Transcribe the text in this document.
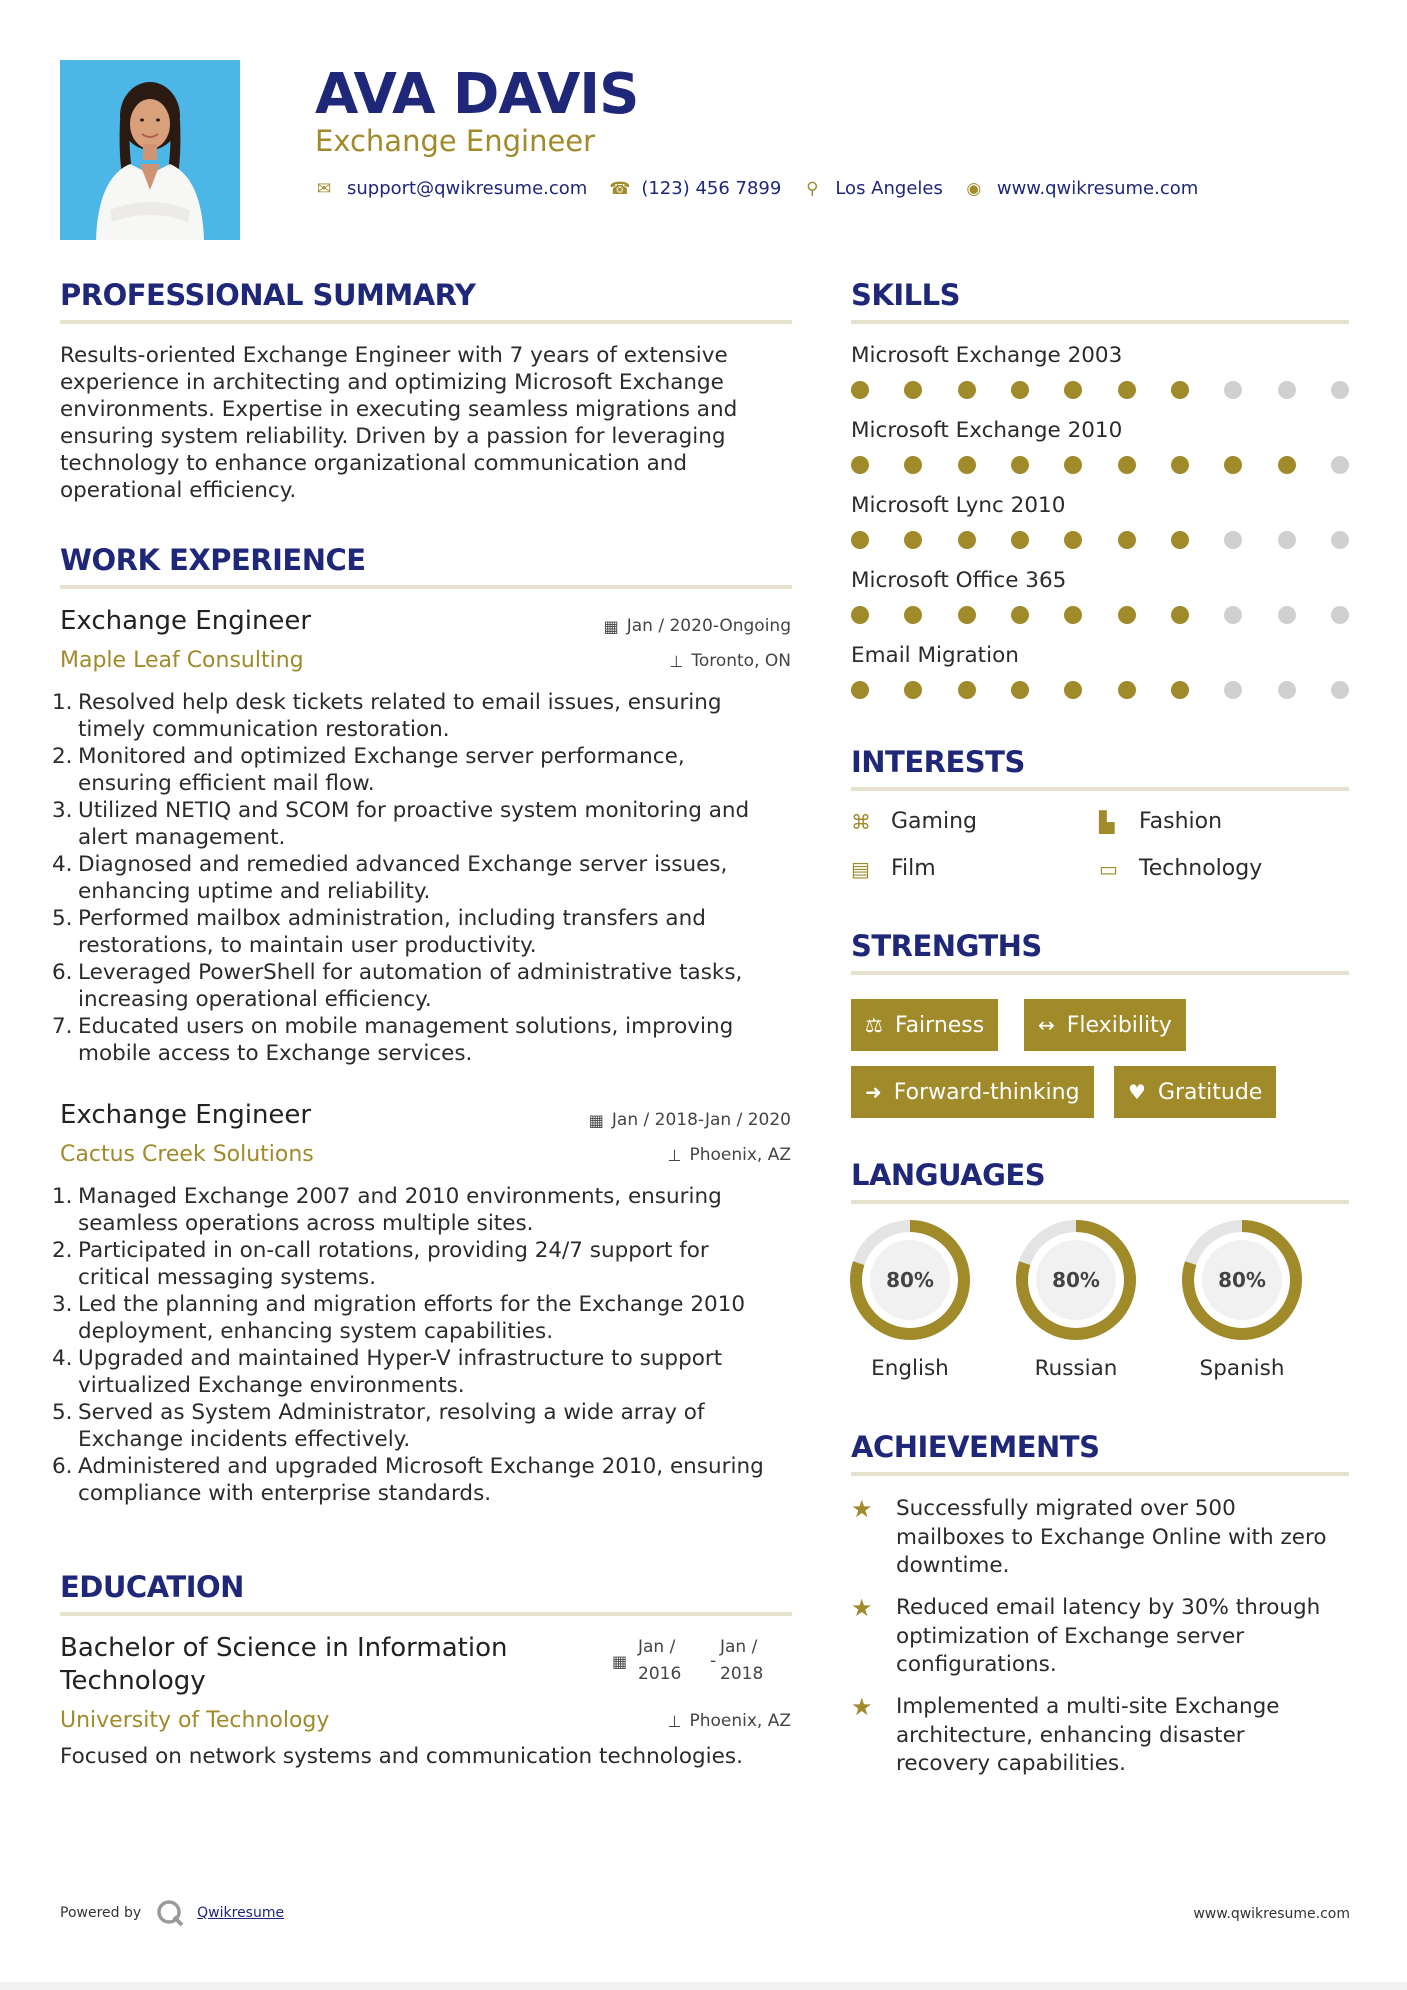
AVA DAVIS
Exchange Engineer
✉ support@qwikresume.com ☎ (123) 456 7899 ⚲ Los Angeles ◉ www.qwikresume.com
PROFESSIONAL SUMMARY
Results-oriented Exchange Engineer with 7 years of extensive
experience in architecting and optimizing Microsoft Exchange
environments. Expertise in executing seamless migrations and
ensuring system reliability. Driven by a passion for leveraging
technology to enhance organizational communication and
operational efficiency.
WORK EXPERIENCE
Exchange Engineer	▦ Jan / 2020-Ongoing
Maple Leaf Consulting	⊥ Toronto, ON
1. Resolved help desk tickets related to email issues, ensuring
timely communication restoration.
2. Monitored and optimized Exchange server performance,
ensuring efficient mail flow.
3. Utilized NETIQ and SCOM for proactive system monitoring and
alert management.
4. Diagnosed and remedied advanced Exchange server issues,
enhancing uptime and reliability.
5. Performed mailbox administration, including transfers and
restorations, to maintain user productivity.
6. Leveraged PowerShell for automation of administrative tasks,
increasing operational efficiency.
7. Educated users on mobile management solutions, improving
mobile access to Exchange services.
Exchange Engineer	▦ Jan / 2018-Jan / 2020
Cactus Creek Solutions	⊥ Phoenix, AZ
1. Managed Exchange 2007 and 2010 environments, ensuring
seamless operations across multiple sites.
2. Participated in on-call rotations, providing 24/7 support for
critical messaging systems.
3. Led the planning and migration efforts for the Exchange 2010
deployment, enhancing system capabilities.
4. Upgraded and maintained Hyper-V infrastructure to support
virtualized Exchange environments.
5. Served as System Administrator, resolving a wide array of
Exchange incidents effectively.
6. Administered and upgraded Microsoft Exchange 2010, ensuring
compliance with enterprise standards.
EDUCATION
Bachelor of Science in Information
Technology
▦
Jan /
2016
-
Jan /
2018
University of Technology	⊥ Phoenix, AZ
Focused on network systems and communication technologies.
SKILLS
Microsoft Exchange 2003
Microsoft Exchange 2010
Microsoft Lync 2010
Microsoft Office 365
Email Migration
INTERESTS
⌘ Gaming	▙	Fashion
▤ Film	▭ Technology
STRENGTHS
⚖ Fairness	↔ Flexibility
➜ Forward-thinking ♥ Gratitude
LANGUAGES
80%
English
80%
Russian
80%
Spanish
ACHIEVEMENTS
★	Successfully migrated over 500
mailboxes to Exchange Online with zero
downtime.
★	Reduced email latency by 30% through
optimization of Exchange server
configurations.
★	Implemented a multi-site Exchange
architecture, enhancing disaster
recovery capabilities.
Powered by	Qwikresume	www.qwikresume.com
